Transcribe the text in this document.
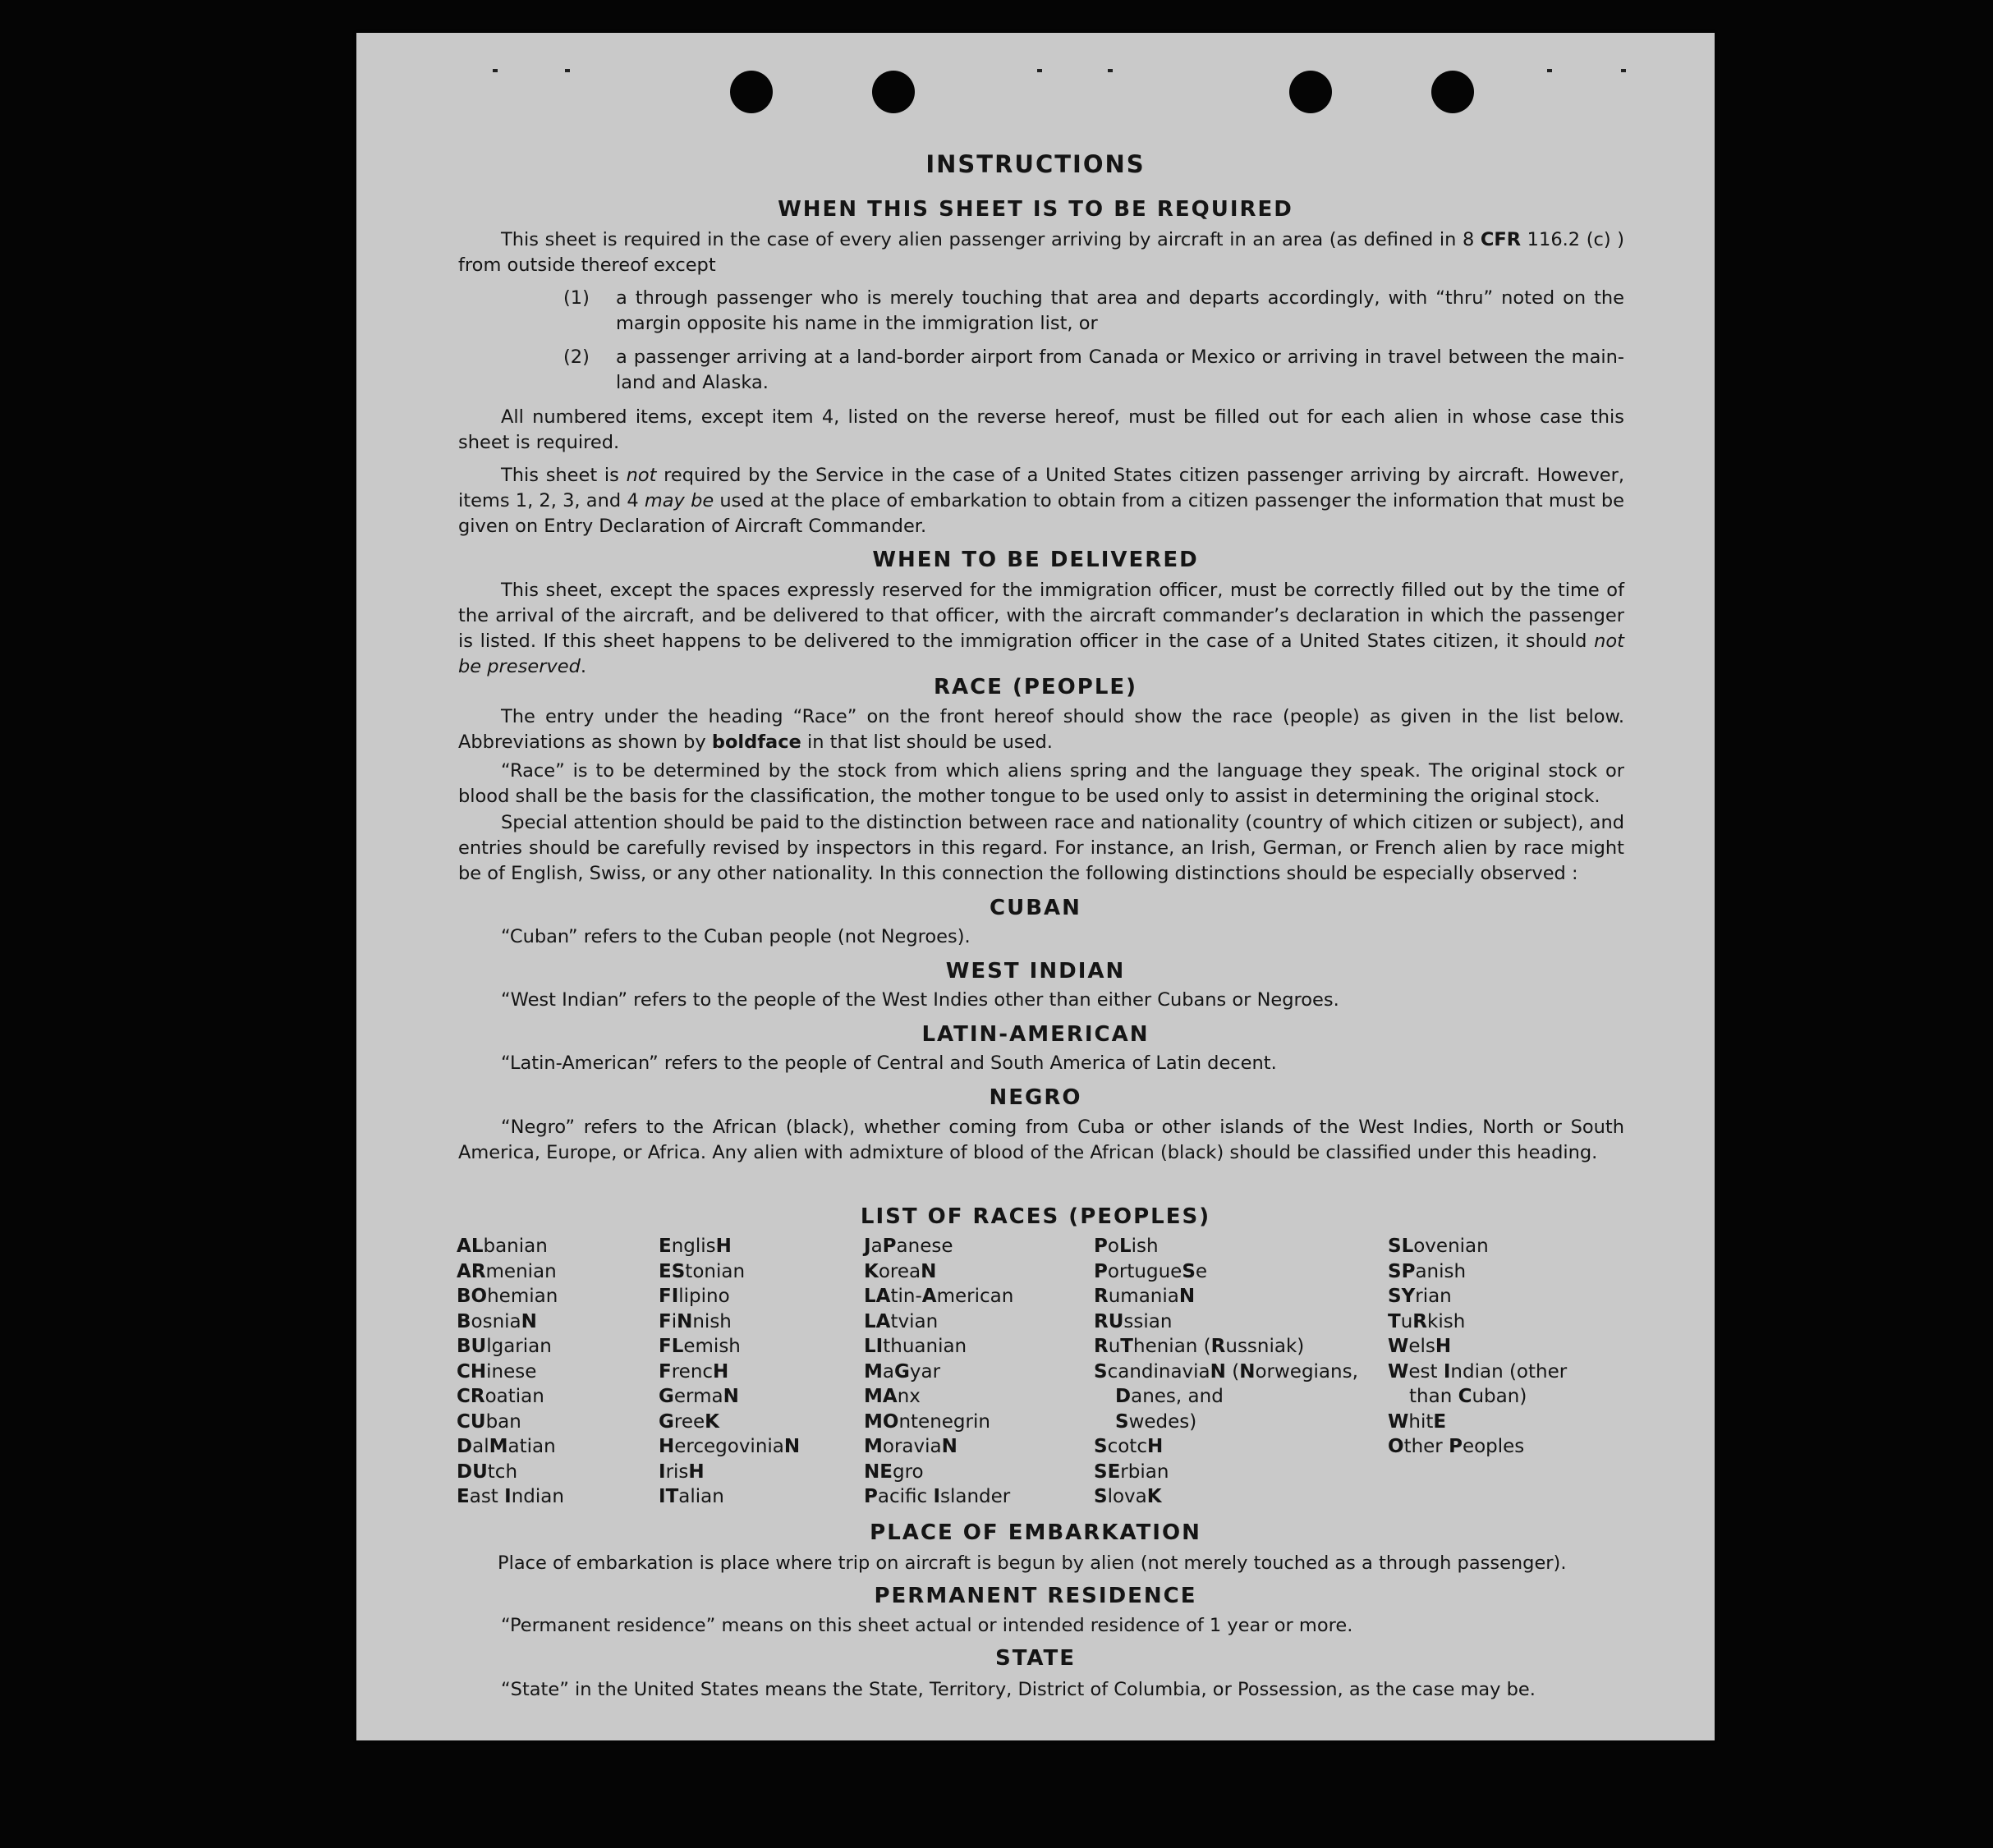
INSTRUCTIONS
WHEN THIS SHEET IS TO BE REQUIRED

This sheet is required in the case of every alien passenger arriving by aircraft in an area (as defined in 8 CFR 116.2 (c) ) from outside thereof except

(1) a through passenger who is merely touching that area and departs accordingly, with “thru” noted on the margin opposite his name in the immigration list, or
(2) a passenger arriving at a land-border airport from Canada or Mexico or arriving in travel between the main-land and Alaska.

All numbered items, except item 4, listed on the reverse hereof, must be filled out for each alien in whose case this sheet is required.

This sheet is not required by the Service in the case of a United States citizen passenger arriving by aircraft. However, items 1, 2, 3, and 4 may be used at the place of embarkation to obtain from a citizen passenger the information that must be given on Entry Declaration of Aircraft Commander.

WHEN TO BE DELIVERED

This sheet, except the spaces expressly reserved for the immigration officer, must be correctly filled out by the time of the arrival of the aircraft, and be delivered to that officer, with the aircraft commander’s declaration in which the passenger is listed. If this sheet happens to be delivered to the immigration officer in the case of a United States citizen, it should not be preserved.

RACE (PEOPLE)

The entry under the heading “Race” on the front hereof should show the race (people) as given in the list below. Abbreviations as shown by boldface in that list should be used.

“Race” is to be determined by the stock from which aliens spring and the language they speak. The original stock or blood shall be the basis for the classification, the mother tongue to be used only to assist in determining the original stock.

Special attention should be paid to the distinction between race and nationality (country of which citizen or subject), and entries should be carefully revised by inspectors in this regard. For instance, an Irish, German, or French alien by race might be of English, Swiss, or any other nationality. In this connection the following distinctions should be especially observed :

CUBAN
“Cuban” refers to the Cuban people (not Negroes).
WEST INDIAN
“West Indian” refers to the people of the West Indies other than either Cubans or Negroes.
LATIN-AMERICAN
“Latin-American” refers to the people of Central and South America of Latin decent.
NEGRO

“Negro” refers to the African (black), whether coming from Cuba or other islands of the West Indies, North or South America, Europe, or Africa. Any alien with admixture of blood of the African (black) should be classified under this heading.

LIST OF RACES (PEOPLES)
ALbanian
ARmenian
BOhemian
BosniaN
BUlgarian
CHinese
CRoatian
CUban
DalMatian
DUtch
East Indian
EnglisH
EStonian
FIlipino
FiNnish
FLemish
FrencH
GermaN
GreeK
HercegoviniaN
IrisH
ITalian
JaPanese
KoreaN
LAtin-American
LAtvian
LIthuanian
MaGyar
MAnx
MOntenegrin
MoraviaN
NEgro
Pacific Islander
PoLish
PortugueSe
RumaniaN
RUssian
RuThenian (Russniak)
ScandinaviaN (Norwegians,
Danes, and
Swedes)
ScotcH
SErbian
SlovaK
SLovenian
SPanish
SYrian
TuRkish
WelsH
West Indian (other
than Cuban)
WhitE
Other Peoples
PLACE OF EMBARKATION
Place of embarkation is place where trip on aircraft is begun by alien (not merely touched as a through passenger).
PERMANENT RESIDENCE
“Permanent residence” means on this sheet actual or intended residence of 1 year or more.
STATE
“State” in the United States means the State, Territory, District of Columbia, or Possession, as the case may be.
